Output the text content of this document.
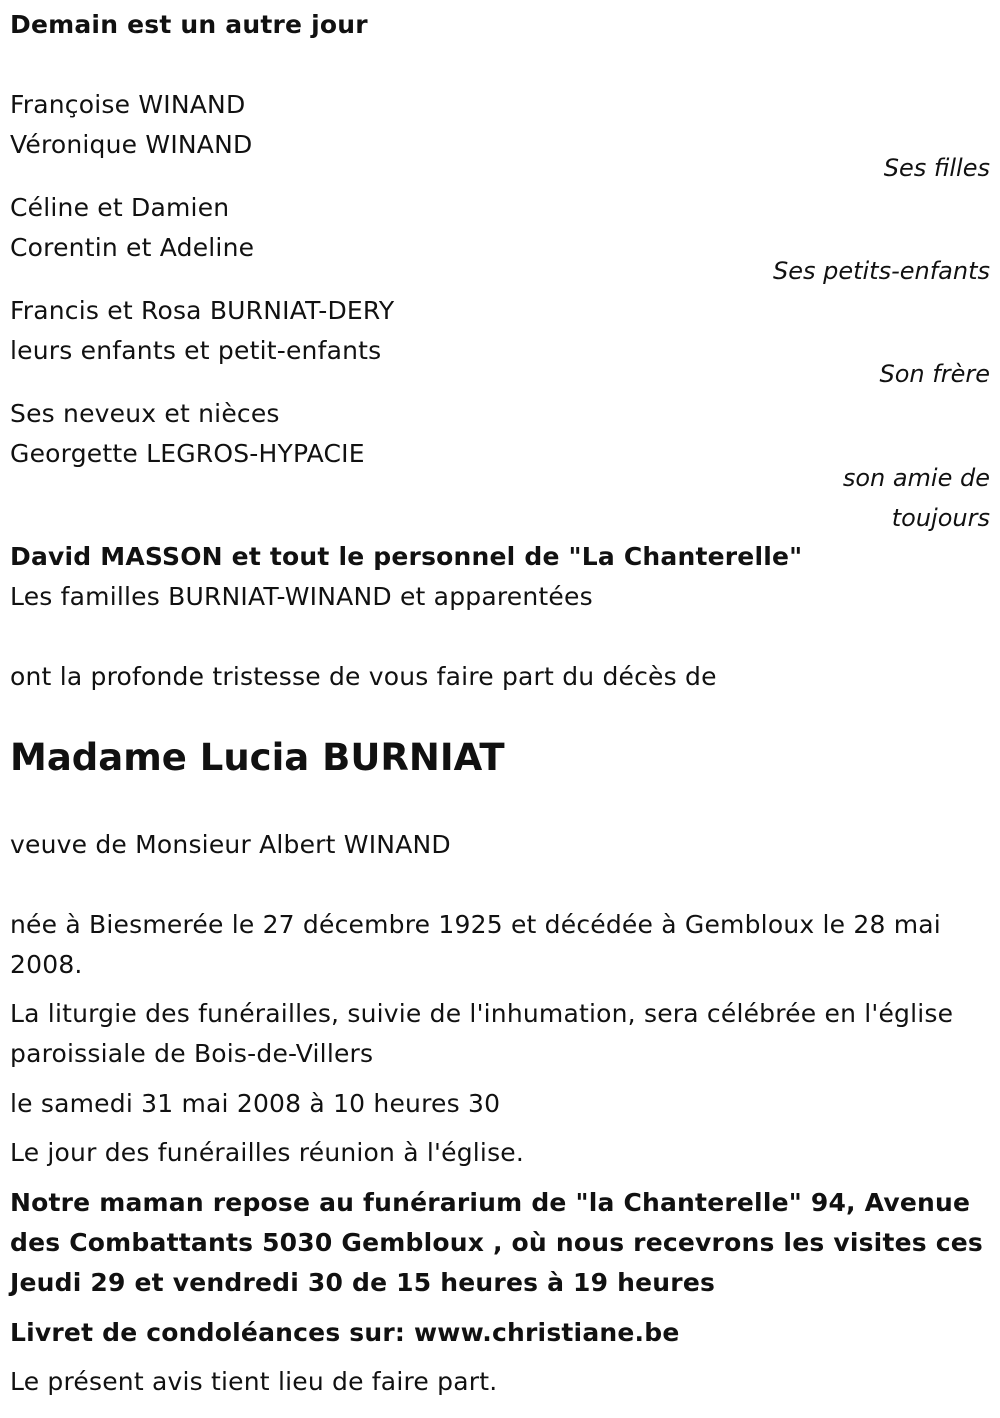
Demain est un autre jour
Françoise WINAND
Véronique WINAND
Ses filles
Céline et Damien
Corentin et Adeline
Ses petits-enfants
Francis et Rosa BURNIAT-DERY
leurs enfants et petit-enfants
Son frère
Ses neveux et nièces
Georgette LEGROS-HYPACIE
son amie de
toujours
David MASSON et tout le personnel de "La Chanterelle"
Les familles BURNIAT-WINAND et apparentées
ont la profonde tristesse de vous faire part du décès de
Madame Lucia BURNIAT
veuve de Monsieur Albert WINAND
née à Biesmerée le 27 décembre 1925 et décédée à Gembloux le 28 mai 2008.
La liturgie des funérailles, suivie de l'inhumation, sera célébrée en l'église paroissiale de Bois-de-Villers
le samedi 31 mai 2008 à 10 heures 30
Le jour des funérailles réunion à l'église.
Notre maman repose au funérarium de "la Chanterelle" 94, Avenue des Combattants 5030 Gembloux , où nous recevrons les visites ces Jeudi 29 et vendredi 30 de 15 heures à 19 heures
Livret de condoléances sur: www.christiane.be
Le présent avis tient lieu de faire part.
